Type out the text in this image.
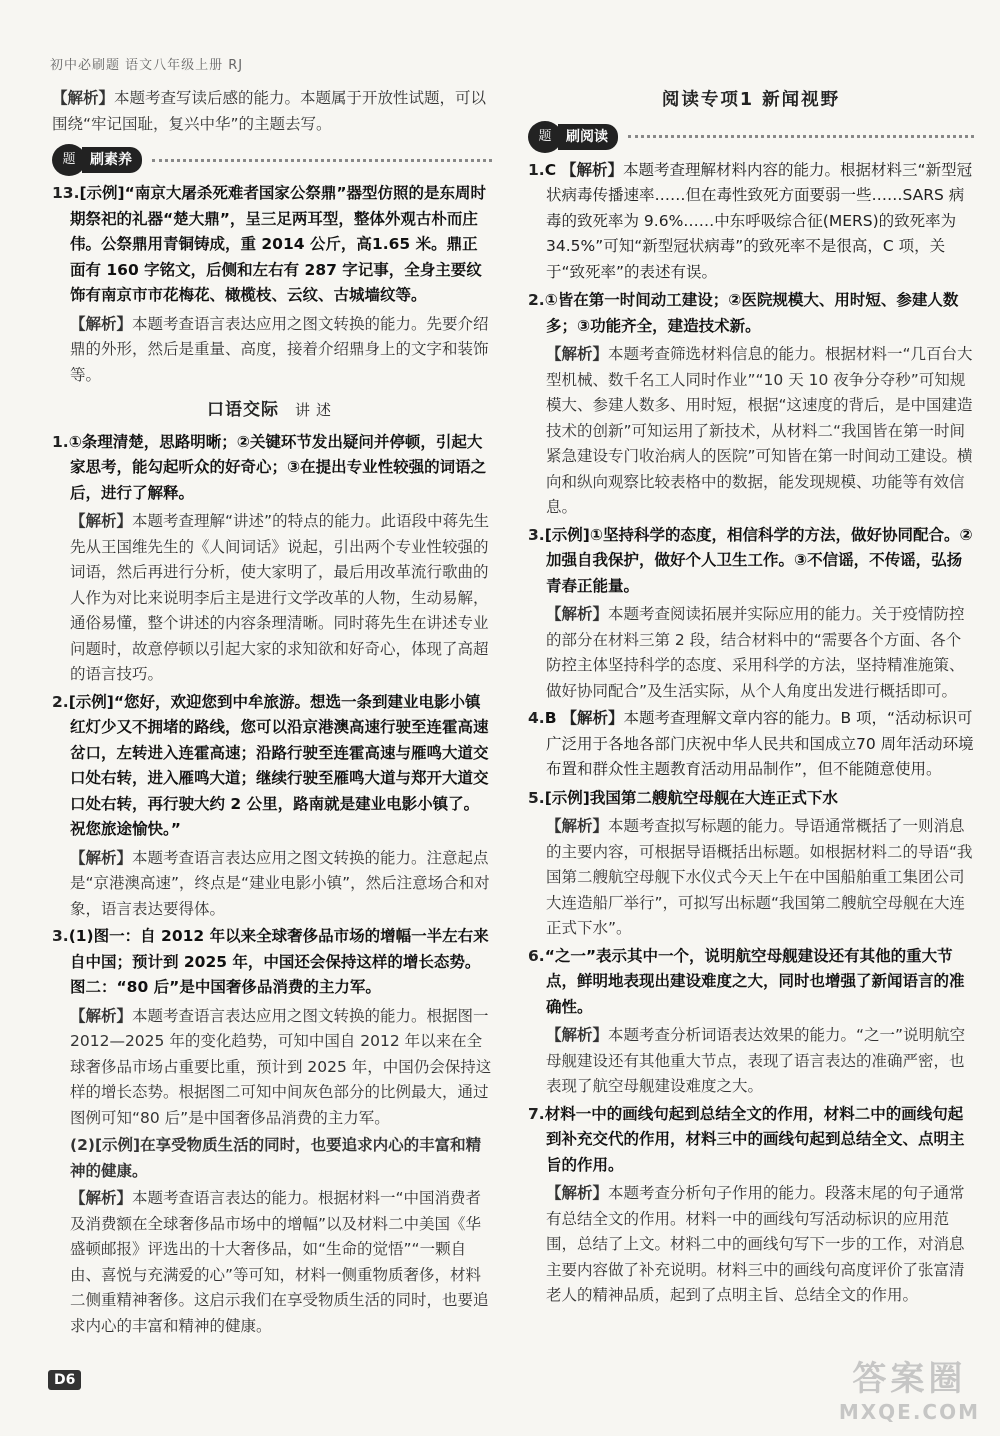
初中必刷题 语文八年级上册 RJ

【解析】本题考查写读后感的能力。本题属于开放性试题，可以围绕“牢记国耻，复兴中华”的主题去写。

题	刷素养

13.[示例]“南京大屠杀死难者国家公祭鼎”器型仿照的是东周时期祭祀的礼器“楚大鼎”，呈三足两耳型，整体外观古朴而庄伟。公祭鼎用青铜铸成，重 2014 公斤，高1.65 米。鼎正面有 160 字铭文，后侧和左右有 287 字记事，全身主要纹饰有南京市市花梅花、橄榄枝、云纹、古城墙纹等。

【解析】本题考查语言表达应用之图文转换的能力。先要介绍鼎的外形，然后是重量、高度，接着介绍鼎身上的文字和装饰等。

口语交际 讲述

1.①条理清楚，思路明晰；②关键环节发出疑问并停顿，引起大家思考，能勾起听众的好奇心；③在提出专业性较强的词语之后，进行了解释。

【解析】本题考查理解“讲述”的特点的能力。此语段中蒋先生先从王国维先生的《人间词话》说起，引出两个专业性较强的词语，然后再进行分析，使大家明了，最后用改革流行歌曲的人作为对比来说明李后主是进行文学改革的人物，生动易解，通俗易懂，整个讲述的内容条理清晰。同时蒋先生在讲述专业问题时，故意停顿以引起大家的求知欲和好奇心，体现了高超的语言技巧。

2.[示例]“您好，欢迎您到中牟旅游。想选一条到建业电影小镇红灯少又不拥堵的路线，您可以沿京港澳高速行驶至连霍高速岔口，左转进入连霍高速；沿路行驶至连霍高速与雁鸣大道交口处右转，进入雁鸣大道；继续行驶至雁鸣大道与郑开大道交口处右转，再行驶大约 2 公里，路南就是建业电影小镇了。祝您旅途愉快。”

【解析】本题考查语言表达应用之图文转换的能力。注意起点是“京港澳高速”，终点是“建业电影小镇”，然后注意场合和对象，语言表达要得体。

3.(1)图一：自 2012 年以来全球奢侈品市场的增幅一半左右来自中国；预计到 2025 年，中国还会保持这样的增长态势。图二：“80 后”是中国奢侈品消费的主力军。

【解析】本题考查语言表达应用之图文转换的能力。根据图一 2012—2025 年的变化趋势，可知中国自 2012 年以来在全球奢侈品市场占重要比重，预计到 2025 年，中国仍会保持这样的增长态势。根据图二可知中间灰色部分的比例最大，通过图例可知“80 后”是中国奢侈品消费的主力军。

(2)[示例]在享受物质生活的同时，也要追求内心的丰富和精神的健康。

【解析】本题考查语言表达的能力。根据材料一“中国消费者及消费额在全球奢侈品市场中的增幅”以及材料二中美国《华盛顿邮报》评选出的十大奢侈品，如“生命的觉悟”“一颗自由、喜悦与充满爱的心”等可知，材料一侧重物质奢侈，材料二侧重精神奢侈。这启示我们在享受物质生活的同时，也要追求内心的丰富和精神的健康。

阅读专项1 新闻视野
题	刷阅读

1.C 【解析】本题考查理解材料内容的能力。根据材料三“新型冠状病毒传播速率……但在毒性致死方面要弱一些……SARS 病毒的致死率为 9.6%……中东呼吸综合征(MERS)的致死率为 34.5%”可知“新型冠状病毒”的致死率不是很高，C 项，关于“致死率”的表述有误。

2.①皆在第一时间动工建设；②医院规模大、用时短、参建人数多；③功能齐全，建造技术新。

【解析】本题考查筛选材料信息的能力。根据材料一“几百台大型机械、数千名工人同时作业”“10 天 10 夜争分夺秒”可知规模大、参建人数多、用时短，根据“这速度的背后，是中国建造技术的创新”可知运用了新技术，从材料二“我国皆在第一时间紧急建设专门收治病人的医院”可知皆在第一时间动工建设。横向和纵向观察比较表格中的数据，能发现规模、功能等有效信息。

3.[示例]①坚持科学的态度，相信科学的方法，做好协同配合。②加强自我保护，做好个人卫生工作。③不信谣，不传谣，弘扬青春正能量。

【解析】本题考查阅读拓展并实际应用的能力。关于疫情防控的部分在材料三第 2 段，结合材料中的“需要各个方面、各个防控主体坚持科学的态度、采用科学的方法，坚持精准施策、做好协同配合”及生活实际，从个人角度出发进行概括即可。

4.B 【解析】本题考查理解文章内容的能力。B 项，“活动标识可广泛用于各地各部门庆祝中华人民共和国成立70 周年活动环境布置和群众性主题教育活动用品制作”，但不能随意使用。

5.[示例]我国第二艘航空母舰在大连正式下水

【解析】本题考查拟写标题的能力。导语通常概括了一则消息的主要内容，可根据导语概括出标题。如根据材料二的导语“我国第二艘航空母舰下水仪式今天上午在中国船舶重工集团公司大连造船厂举行”，可拟写出标题“我国第二艘航空母舰在大连正式下水”。

6.“之一”表示其中一个，说明航空母舰建设还有其他的重大节点，鲜明地表现出建设难度之大，同时也增强了新闻语言的准确性。

【解析】本题考查分析词语表达效果的能力。“之一”说明航空母舰建设还有其他重大节点，表现了语言表达的准确严密，也表现了航空母舰建设难度之大。

7.材料一中的画线句起到总结全文的作用，材料二中的画线句起到补充交代的作用，材料三中的画线句起到总结全文、点明主旨的作用。

【解析】本题考查分析句子作用的能力。段落末尾的句子通常有总结全文的作用。材料一中的画线句写活动标识的应用范围，总结了上文。材料二中的画线句写下一步的工作，对消息主要内容做了补充说明。材料三中的画线句高度评价了张富清老人的精神品质，起到了点明主旨、总结全文的作用。

D6	答案圈
MXQE.COM
